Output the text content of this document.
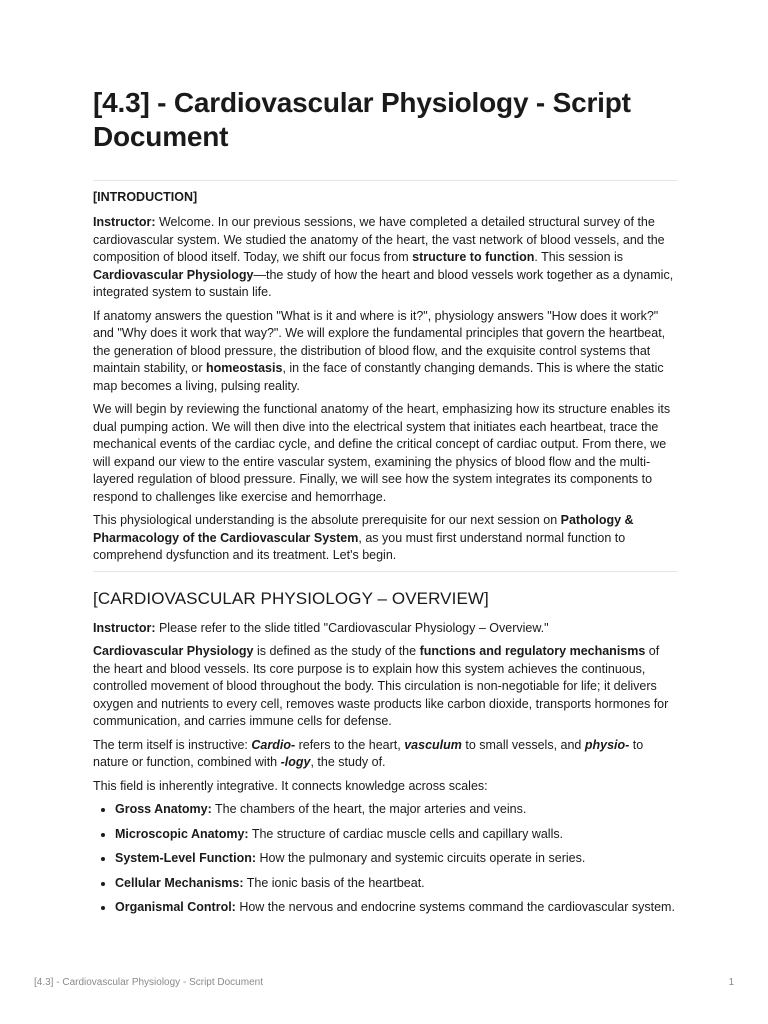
[4.3] - Cardiovascular Physiology - Script Document
[INTRODUCTION]

Instructor: Welcome. In our previous sessions, we have completed a detailed structural survey of the cardiovascular system. We studied the anatomy of the heart, the vast network of blood vessels, and the composition of blood itself. Today, we shift our focus from structure to function. This session is Cardiovascular Physiology—the study of how the heart and blood vessels work together as a dynamic, integrated system to sustain life.

If anatomy answers the question "What is it and where is it?", physiology answers "How does it work?" and "Why does it work that way?". We will explore the fundamental principles that govern the heartbeat, the generation of blood pressure, the distribution of blood flow, and the exquisite control systems that maintain stability, or homeostasis, in the face of constantly changing demands. This is where the static map becomes a living, pulsing reality.

We will begin by reviewing the functional anatomy of the heart, emphasizing how its structure enables its dual pumping action. We will then dive into the electrical system that initiates each heartbeat, trace the mechanical events of the cardiac cycle, and define the critical concept of cardiac output. From there, we will expand our view to the entire vascular system, examining the physics of blood flow and the multi-layered regulation of blood pressure. Finally, we will see how the system integrates its components to respond to challenges like exercise and hemorrhage.

This physiological understanding is the absolute prerequisite for our next session on Pathology & Pharmacology of the Cardiovascular System, as you must first understand normal function to comprehend dysfunction and its treatment. Let's begin.

[CARDIOVASCULAR PHYSIOLOGY – OVERVIEW]

Instructor: Please refer to the slide titled "Cardiovascular Physiology – Overview."

Cardiovascular Physiology is defined as the study of the functions and regulatory mechanisms of the heart and blood vessels. Its core purpose is to explain how this system achieves the continuous, controlled movement of blood throughout the body. This circulation is non-negotiable for life; it delivers oxygen and nutrients to every cell, removes waste products like carbon dioxide, transports hormones for communication, and carries immune cells for defense.

The term itself is instructive: Cardio- refers to the heart, vasculum to small vessels, and physio- to nature or function, combined with -logy, the study of.

This field is inherently integrative. It connects knowledge across scales:

• Gross Anatomy: The chambers of the heart, the major arteries and veins.
• Microscopic Anatomy: The structure of cardiac muscle cells and capillary walls.
• System-Level Function: How the pulmonary and systemic circuits operate in series.
• Cellular Mechanisms: The ionic basis of the heartbeat.
• Organismal Control: How the nervous and endocrine systems command the cardiovascular system.
[4.3] - Cardiovascular Physiology - Script Document	1
